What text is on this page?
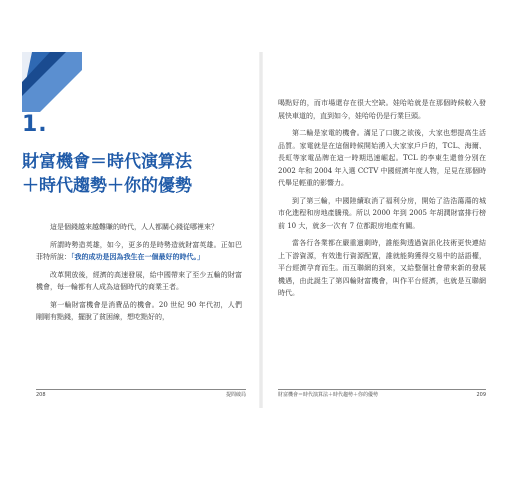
1.
財富機會＝時代演算法
＋時代趨勢＋你的優勢

這是個錢越來越難賺的時代，人人都關心錢從哪裡來？

所謂時勢造英雄，如今，更多的是時勢造就財富英雄。正如巴菲特所說：「我的成功是因為我生在一個最好的時代。」

改革開放後，經濟的高速發展，給中國帶來了至少五輪的財富機會，每一輪都有人成為這個時代的商業王者。

第一輪財富機會是消費品的機會。20 世紀 90 年代初，人們剛剛有點錢，擺脫了貧困線，想吃點好的，

喝點好的，而市場還存在很大空缺。娃哈哈就是在那個時候較入發展快車道的，直到如今，娃哈哈仍是行業巨頭。

第二輪是家電的機會。滿足了口腹之欲後，大家也想提高生活品質。家電就是在這個時候開始湧入大家家戶戶的，TCL、海爾、長虹等家電品牌在這一時期迅速崛起。TCL 的李東生還曾分別在 2002 年和 2004 年入選 CCTV 中國經濟年度人物，足見在那個時代舉足輕重的影響力。

到了第三輪，中國陸續取消了福利分房，開始了浩浩蕩蕩的城市化進程和房地產騰飛。所以 2000 年到 2005 年胡潤財富排行榜前 10 大，就多一次有 7 位都跟房地產有關。

當各行各業都在嚴重過剩時，誰能夠透過資訊化技術更快連結上下游資源，有效進行資源配置，誰就能夠獲得交易中的話語權，平台經濟孕育而生。而互聯網的到來，又給整個社會帶來新的發展機遇，由此誕生了第四輪財富機會，叫作平台經濟，也就是互聯網時代。

208	提問破局	財富機會＝時代演算法＋時代趨勢＋你的優勢	209
